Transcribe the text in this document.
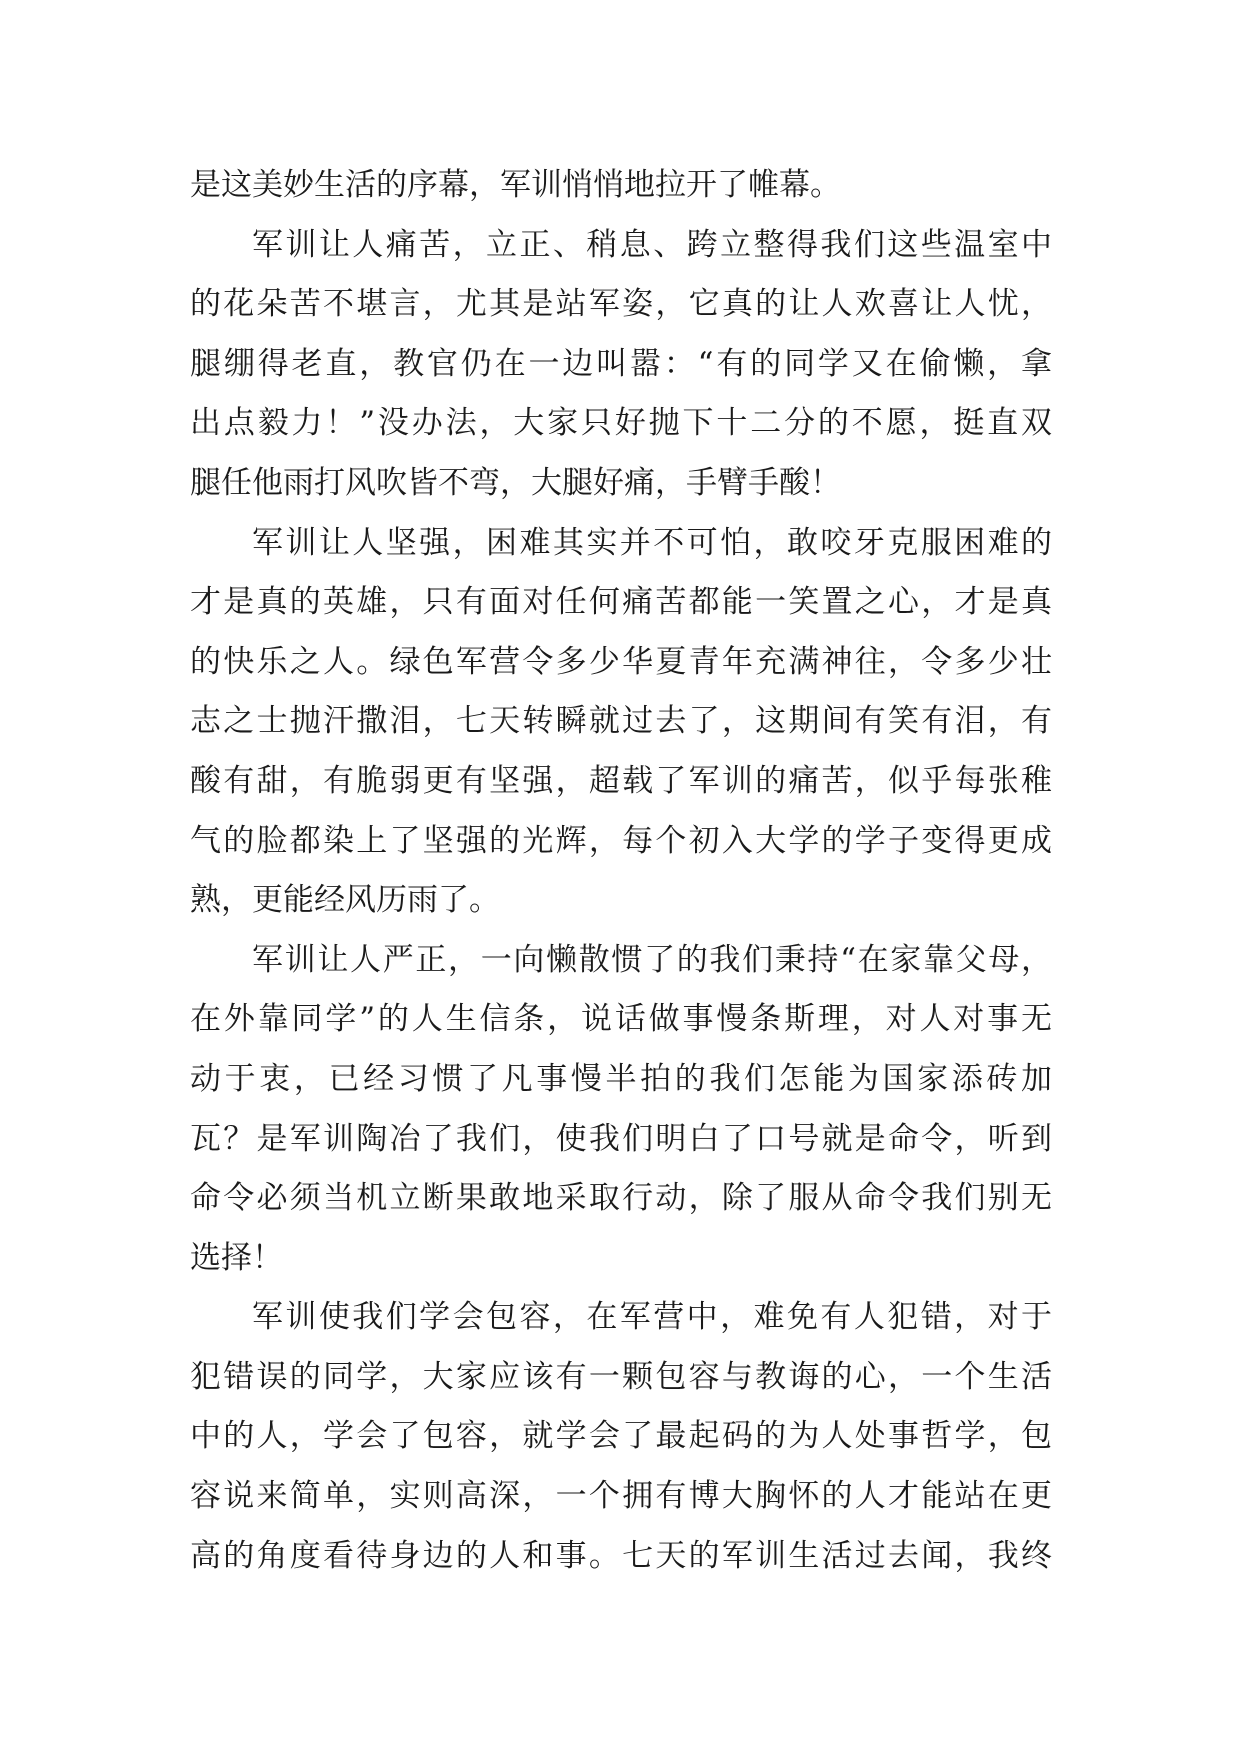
是这美妙生活的序幕，军训悄悄地拉开了帷幕。
军训让人痛苦，立正、稍息、跨立整得我们这些温室中
的花朵苦不堪言，尤其是站军姿，它真的让人欢喜让人忧，
腿绷得老直，教官仍在一边叫嚣：“有的同学又在偷懒，拿
出点毅力！”没办法，大家只好抛下十二分的不愿，挺直双
腿任他雨打风吹皆不弯，大腿好痛，手臂手酸！
军训让人坚强，困难其实并不可怕，敢咬牙克服困难的
才是真的英雄，只有面对任何痛苦都能一笑置之心，才是真
的快乐之人。绿色军营令多少华夏青年充满神往，令多少壮
志之士抛汗撒泪，七天转瞬就过去了，这期间有笑有泪，有
酸有甜，有脆弱更有坚强，超载了军训的痛苦，似乎每张稚
气的脸都染上了坚强的光辉，每个初入大学的学子变得更成
熟，更能经风历雨了。
军训让人严正，一向懒散惯了的我们秉持“在家靠父母，
在外靠同学”的人生信条，说话做事慢条斯理，对人对事无
动于衷，已经习惯了凡事慢半拍的我们怎能为国家添砖加
瓦？是军训陶冶了我们，使我们明白了口号就是命令，听到
命令必须当机立断果敢地采取行动，除了服从命令我们别无
选择！
军训使我们学会包容，在军营中，难免有人犯错，对于
犯错误的同学，大家应该有一颗包容与教诲的心，一个生活
中的人，学会了包容，就学会了最起码的为人处事哲学，包
容说来简单，实则高深，一个拥有博大胸怀的人才能站在更
高的角度看待身边的人和事。七天的军训生活过去闻，我终
